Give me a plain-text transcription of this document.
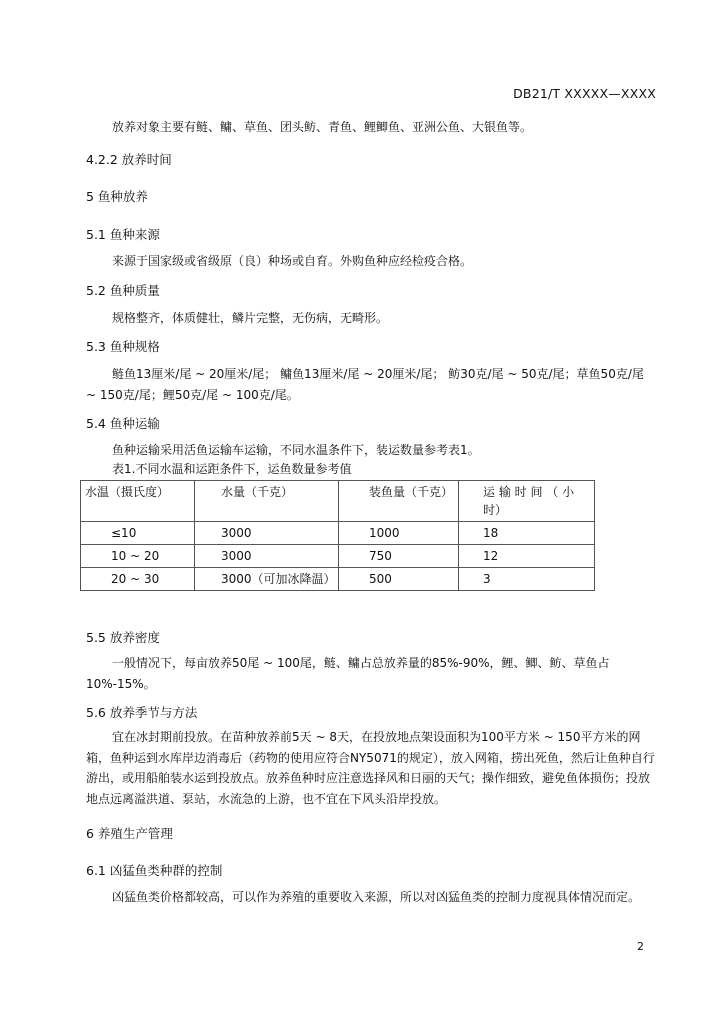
DB21/T XXXXX—XXXX
放养对象主要有鲢、鳙、草鱼、团头鲂、青鱼、鲤鲫鱼、亚洲公鱼、大银鱼等。
4.2.2 放养时间
5 鱼种放养
5.1 鱼种来源
来源于国家级或省级原（良）种场或自育。外购鱼种应经检疫合格。
5.2 鱼种质量
规格整齐，体质健壮，鳞片完整，无伤病，无畸形。
5.3 鱼种规格
鲢鱼13厘米/尾 ~ 20厘米/尾； 鳙鱼13厘米/尾 ~ 20厘米/尾； 鲂30克/尾 ~ 50克/尾；草鱼50克/尾 ~ 150克/尾；鲤50克/尾 ~ 100克/尾。
5.4 鱼种运输
鱼种运输采用活鱼运输车运输，不同水温条件下，装运数量参考表1。
表1.不同水温和运距条件下，运鱼数量参考值
水温（摄氏度）	水量（千克）	装鱼量（千克）	运 输 时 间 （ 小 时）
≤10	3000	1000	18
10 ~ 20	3000	750	12
20 ~ 30	3000（可加冰降温）	500	3
5.5 放养密度
一般情况下，每亩放养50尾 ~ 100尾，鲢、鳙占总放养量的85%-90%，鲤、鲫、鲂、草鱼占10%-15%。
5.6 放养季节与方法
宜在冰封期前投放。在苗种放养前5天 ~ 8天，在投放地点架设面积为100平方米 ~ 150平方米的网箱，鱼种运到水库岸边消毒后（药物的使用应符合NY5071的规定），放入网箱，捞出死鱼，然后让鱼种自行游出，或用船舶装水运到投放点。放养鱼种时应注意选择风和日丽的天气；操作细致，避免鱼体损伤；投放地点远离溢洪道、泵站，水流急的上游，也不宜在下风头沿岸投放。
6 养殖生产管理
6.1 凶猛鱼类种群的控制
凶猛鱼类价格都较高，可以作为养殖的重要收入来源，所以对凶猛鱼类的控制力度视具体情况而定。
2
